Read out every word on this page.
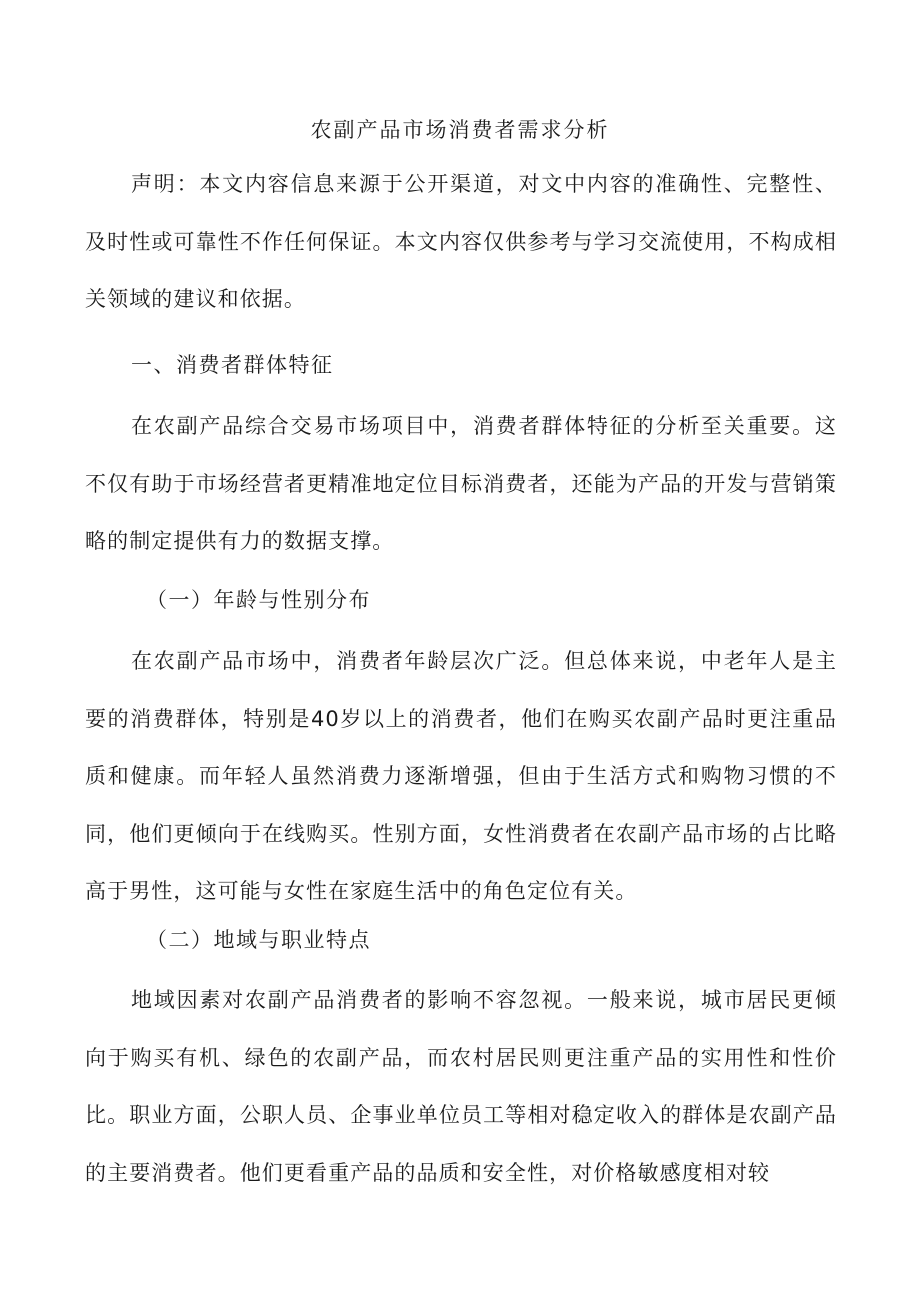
农副产品市场消费者需求分析

声明：本文内容信息来源于公开渠道，对文中内容的准确性、完整性、及时性或可靠性不作任何保证。本文内容仅供参考与学习交流使用，不构成相关领域的建议和依据。

一、消费者群体特征

在农副产品综合交易市场项目中，消费者群体特征的分析至关重要。这不仅有助于市场经营者更精准地定位目标消费者，还能为产品的开发与营销策略的制定提供有力的数据支撑。

（一）年龄与性别分布

在农副产品市场中，消费者年龄层次广泛。但总体来说，中老年人是主要的消费群体，特别是40岁以上的消费者，他们在购买农副产品时更注重品质和健康。而年轻人虽然消费力逐渐增强，但由于生活方式和购物习惯的不同，他们更倾向于在线购买。性别方面，女性消费者在农副产品市场的占比略高于男性，这可能与女性在家庭生活中的角色定位有关。

（二）地域与职业特点

地域因素对农副产品消费者的影响不容忽视。一般来说，城市居民更倾向于购买有机、绿色的农副产品，而农村居民则更注重产品的实用性和性价比。职业方面，公职人员、企事业单位员工等相对稳定收入的群体是农副产品的主要消费者。他们更看重产品的品质和安全性，对价格敏感度相对较
